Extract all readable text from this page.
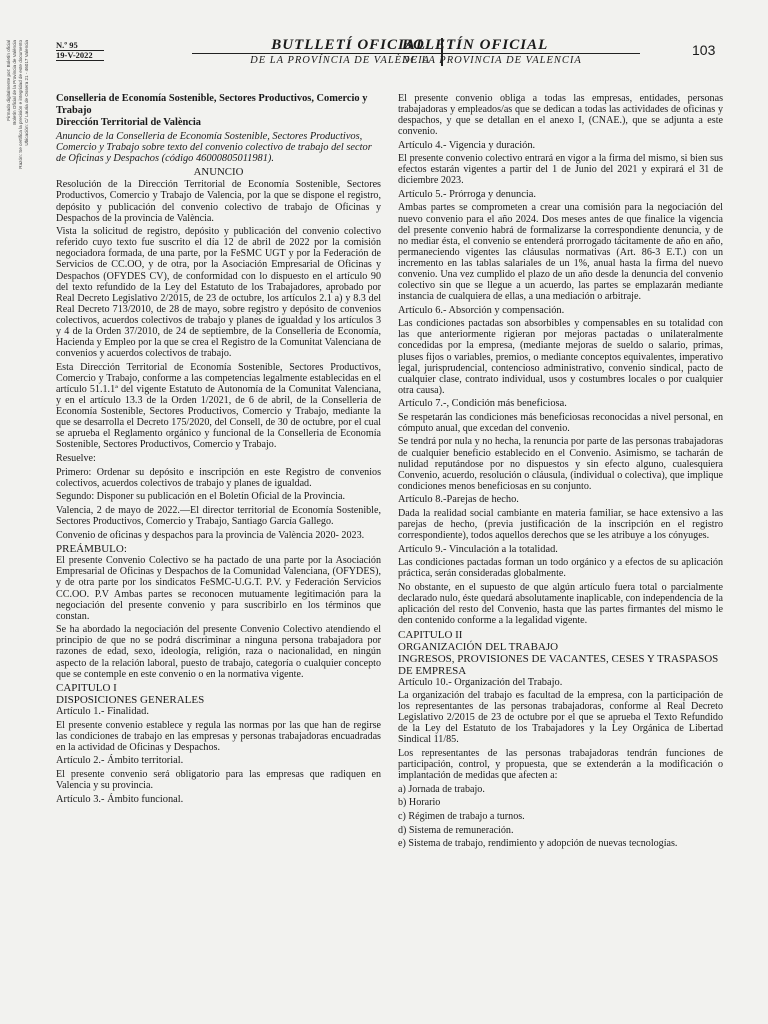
Firmado digitalmente por: Boletín oficial Boletín Oficial de la Provincia de València Razón: Se certifica la precisión e integridad de este documento Ubicación: C/ Lauria de Ossera 21 - 46017 Valencia	N.º 95
19-V-2022
BUTLLETÍ OFICIAL
DE LA PROVÍNCIA DE VALÈNCIA
BOLETÍN OFICIAL
DE LA PROVINCIA DE VALENCIA
103

Conselleria de Economía Sostenible, Sectores Productivos, Comercio y Trabajo

Dirección Territorial de València

Anuncio de la Conselleria de Economía Sostenible, Sectores Productivos, Comercio y Trabajo sobre texto del convenio colectivo de trabajo del sector de Oficinas y Despachos (código 46000805011981).

ANUNCIO

Resolución de la Dirección Territorial de Economía Sostenible, Sectores Productivos, Comercio y Trabajo de Valencia, por la que se dispone el registro, depósito y publicación del convenio colectivo de trabajo de Oficinas y Despachos de la provincia de València.

Vista la solicitud de registro, depósito y publicación del convenio colectivo referido cuyo texto fue suscrito el día 12 de abril de 2022 por la comisión negociadora formada, de una parte, por la FeSMC UGT y por la Federación de Servicios de CC.OO, y de otra, por la Asociación Empresarial de Oficinas y Despachos (OFYDES CV), de conformidad con lo dispuesto en el artículo 90 del texto refundido de la Ley del Estatuto de los Trabajadores, aprobado por Real Decreto Legislativo 2/2015, de 23 de octubre, los artículos 2.1 a) y 8.3 del Real Decreto 713/2010, de 28 de mayo, sobre registro y depósito de convenios colectivos, acuerdos colectivos de trabajo y planes de igualdad y los artículos 3 y 4 de la Orden 37/2010, de 24 de septiembre, de la Conselleria de Economía, Hacienda y Empleo por la que se crea el Registro de la Comunitat Valenciana de convenios y acuerdos colectivos de trabajo.

Esta Dirección Territorial de Economía Sostenible, Sectores Productivos, Comercio y Trabajo, conforme a las competencias legalmente establecidas en el artículo 51.1.1ª del vigente Estatuto de Autonomía de la Comunitat Valenciana, y en el artículo 13.3 de la Orden 1/2021, de 6 de abril, de la Conselleria de Economía Sostenible, Sectores Productivos, Comercio y Trabajo, mediante la que se desarrolla el Decreto 175/2020, del Consell, de 30 de octubre, por el cual se aprueba el Reglamento orgánico y funcional de la Conselleria de Economía Sostenible, Sectores Productivos, Comercio y Trabajo.

Resuelve:

Primero: Ordenar su depósito e inscripción en este Registro de convenios colectivos, acuerdos colectivos de trabajo y planes de igualdad.

Segundo: Disponer su publicación en el Boletín Oficial de la Provincia.

Valencia, 2 de mayo de 2022.—El director territorial de Economía Sostenible, Sectores Productivos, Comercio y Trabajo, Santiago García Gallego.

Convenio de oficinas y despachos para la provincia de València 2020- 2023.

PREÁMBULO:

El presente Convenio Colectivo se ha pactado de una parte por la Asociación Empresarial de Oficinas y Despachos de la Comunidad Valenciana, (OFYDES), y de otra parte por los sindicatos FeSMC-U.G.T. P.V. y Federación Servicios CC.OO. P.V Ambas partes se reconocen mutuamente legitimación para la negociación del presente convenio y para suscribirlo en los términos que constan.

Se ha abordado la negociación del presente Convenio Colectivo atendiendo el principio de que no se podrá discriminar a ninguna persona trabajadora por razones de edad, sexo, ideología, religión, raza o nacionalidad, en ningún aspecto de la relación laboral, puesto de trabajo, categoría o cualquier concepto que se contemple en este convenio o en la normativa vigente.

CAPITULO I

DISPOSICIONES GENERALES

Artículo 1.- Finalidad.

El presente convenio establece y regula las normas por las que han de regirse las condiciones de trabajo en las empresas y personas trabajadoras encuadradas en la actividad de Oficinas y Despachos.

Artículo 2.- Ámbito territorial.

El presente convenio será obligatorio para las empresas que radiquen en Valencia y su provincia.

Artículo 3.- Ámbito funcional.

El presente convenio obliga a todas las empresas, entidades, personas trabajadoras y empleados/as que se dedican a todas las actividades de oficinas y despachos, y que se detallan en el anexo I, (CNAE.), que se adjunta a este convenio.

Artículo 4.- Vigencia y duración.

El presente convenio colectivo entrará en vigor a la firma del mismo, si bien sus efectos estarán vigentes a partir del 1 de Junio del 2021 y expirará el 31 de diciembre 2023.

Artículo 5.- Prórroga y denuncia.

Ambas partes se comprometen a crear una comisión para la negociación del nuevo convenio para el año 2024. Dos meses antes de que finalice la vigencia del presente convenio habrá de formalizarse la correspondiente denuncia, y de no mediar ésta, el convenio se entenderá prorrogado tácitamente de año en año, permaneciendo vigentes las cláusulas normativas (Art. 86-3 E.T.) con un incremento en las tablas salariales de un 1%, anual hasta la firma del nuevo convenio. Una vez cumplido el plazo de un año desde la denuncia del convenio colectivo sin que se llegue a un acuerdo, las partes se emplazarán mediante instancia de cualquiera de ellas, a una mediación o arbitraje.

Artículo 6.- Absorción y compensación.

Las condiciones pactadas son absorbibles y compensables en su totalidad con las que anteriormente rigieran por mejoras pactadas o unilateralmente concedidas por la empresa, (mediante mejoras de sueldo o salario, primas, pluses fijos o variables, premios, o mediante conceptos equivalentes, imperativo legal, jurisprudencial, contencioso administrativo, convenio sindical, pacto de cualquier clase, contrato individual, usos y costumbres locales o por cualquier otra causa).

Artículo 7.-, Condición más beneficiosa.

Se respetarán las condiciones más beneficiosas reconocidas a nivel personal, en cómputo anual, que excedan del convenio.

Se tendrá por nula y no hecha, la renuncia por parte de las personas trabajadoras de cualquier beneficio establecido en el Convenio. Asimismo, se tacharán de nulidad reputándose por no dispuestos y sin efecto alguno, cualesquiera Convenio, acuerdo, resolución o cláusula, (individual o colectiva), que implique condiciones menos beneficiosas en su conjunto.

Artículo 8.-Parejas de hecho.

Dada la realidad social cambiante en materia familiar, se hace extensivo a las parejas de hecho, (previa justificación de la inscripción en el registro correspondiente), todos aquellos derechos que se les atribuye a los cónyuges.

Artículo 9.- Vinculación a la totalidad.

Las condiciones pactadas forman un todo orgánico y a efectos de su aplicación práctica, serán consideradas globalmente.

No obstante, en el supuesto de que algún artículo fuera total o parcialmente declarado nulo, éste quedará absolutamente inaplicable, con independencia de la aplicación del resto del Convenio, hasta que las partes firmantes del mismo le den contenido conforme a la legalidad vigente.

CAPITULO II

ORGANIZACIÓN DEL TRABAJO

INGRESOS, PROVISIONES DE VACANTES, CESES Y TRASPASOS DE EMPRESA

Artículo 10.- Organización del Trabajo.

La organización del trabajo es facultad de la empresa, con la participación de los representantes de las personas trabajadoras, conforme al Real Decreto Legislativo 2/2015 de 23 de octubre por el que se aprueba el Texto Refundido de la Ley del Estatuto de los Trabajadores y la Ley Orgánica de Libertad Sindical 11/85.

Los representantes de las personas trabajadoras tendrán funciones de participación, control, y propuesta, que se extenderán a la modificación o implantación de medidas que afecten a:

a) Jornada de trabajo.

b) Horario

c) Régimen de trabajo a turnos.

d) Sistema de remuneración.

e) Sistema de trabajo, rendimiento y adopción de nuevas tecnologías.
